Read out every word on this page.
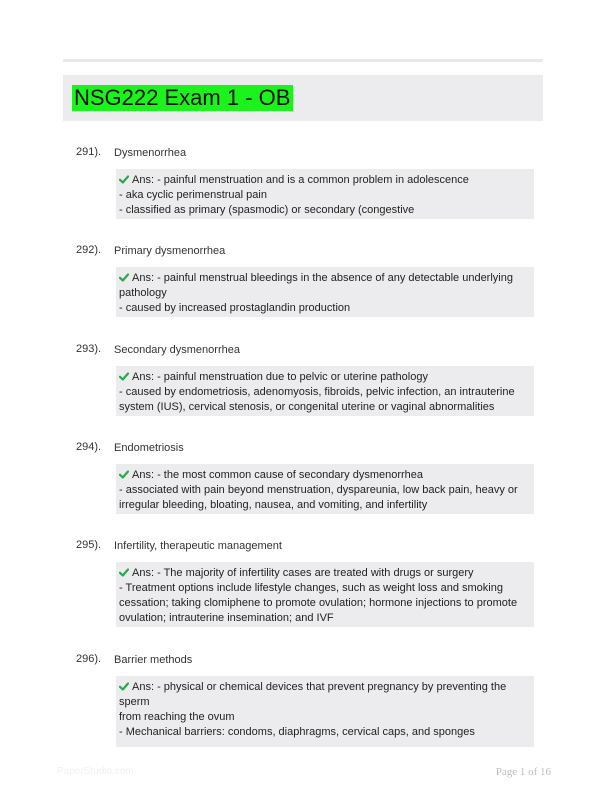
NSG222 Exam 1 - OB
291). Dysmenorrhea
Ans: - painful menstruation and is a common problem in adolescence
- aka cyclic perimenstrual pain
- classified as primary (spasmodic) or secondary (congestive
292). Primary dysmenorrhea
Ans: - painful menstrual bleedings in the absence of any detectable underlying
pathology
- caused by increased prostaglandin production
293). Secondary dysmenorrhea
Ans: - painful menstruation due to pelvic or uterine pathology
- caused by endometriosis, adenomyosis, fibroids, pelvic infection, an intrauterine
system (IUS), cervical stenosis, or congenital uterine or vaginal abnormalities
294). Endometriosis
Ans: - the most common cause of secondary dysmenorrhea
- associated with pain beyond menstruation, dyspareunia, low back pain, heavy or
irregular bleeding, bloating, nausea, and vomiting, and infertility
295). Infertility, therapeutic management
Ans: - The majority of infertility cases are treated with drugs or surgery
- Treatment options include lifestyle changes, such as weight loss and smoking
cessation; taking clomiphene to promote ovulation; hormone injections to promote
ovulation; intrauterine insemination; and IVF
296). Barrier methods
Ans: - physical or chemical devices that prevent pregnancy by preventing the sperm
from reaching the ovum
- Mechanical barriers: condoms, diaphragms, cervical caps, and sponges
PaperStudio.com	Page 1 of 16
